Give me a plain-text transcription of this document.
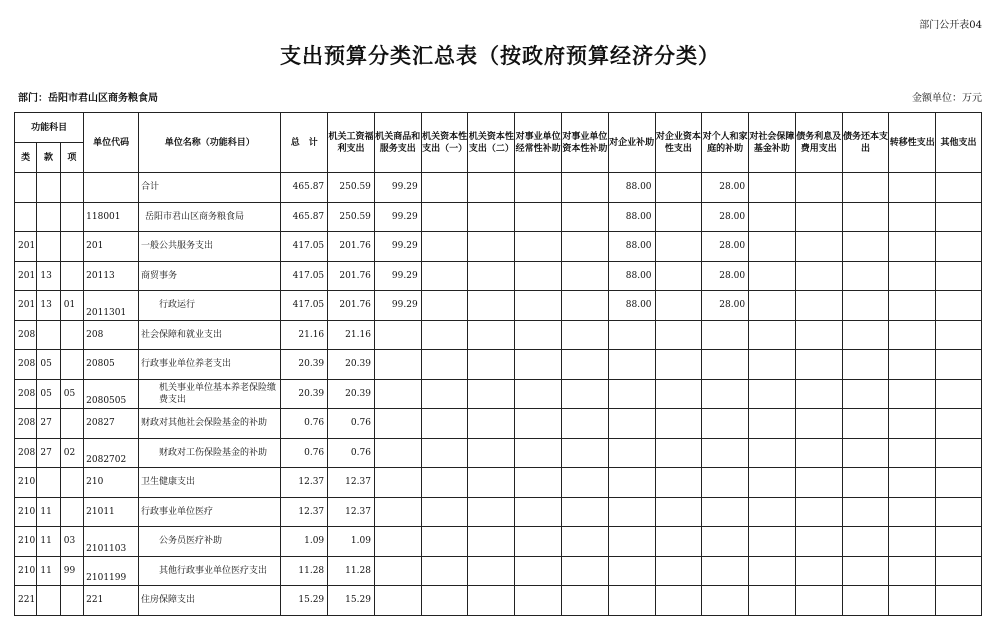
部门公开表04
支出预算分类汇总表（按政府预算经济分类）
部门：岳阳市君山区商务粮食局	金额单位：万元
功能科目			单位代码	单位名称（功能科目）	总　计	机关工资福利支出	机关商品和服务支出	机关资本性支出（一）	机关资本性支出（二）	对事业单位经常性补助	对事业单位资本性补助	对企业补助	对企业资本性支出	对个人和家庭的补助	对社会保障基金补助	债务利息及费用支出	债务还本支出	转移性支出	其他支出
类	款	项																	
				合计	465.87	250.59	99.29					88.00		28.00					
			118001	岳阳市君山区商务粮食局	465.87	250.59	99.29					88.00		28.00					
201			201	一般公共服务支出	417.05	201.76	99.29					88.00		28.00					
201	13		20113	商贸事务	417.05	201.76	99.29					88.00		28.00					
201	13	01	2011301	行政运行	417.05	201.76	99.29					88.00		28.00					
208			208	社会保障和就业支出	21.16	21.16													
208	05		20805	行政事业单位养老支出	20.39	20.39													
208	05	05	2080505	机关事业单位基本养老保险缴费支出	20.39	20.39													
208	27		20827	财政对其他社会保险基金的补助	0.76	0.76													
208	27	02	2082702	财政对工伤保险基金的补助	0.76	0.76													
210			210	卫生健康支出	12.37	12.37													
210	11		21011	行政事业单位医疗	12.37	12.37													
210	11	03	2101103	公务员医疗补助	1.09	1.09													
210	11	99	2101199	其他行政事业单位医疗支出	11.28	11.28													
221			221	住房保障支出	15.29	15.29													
